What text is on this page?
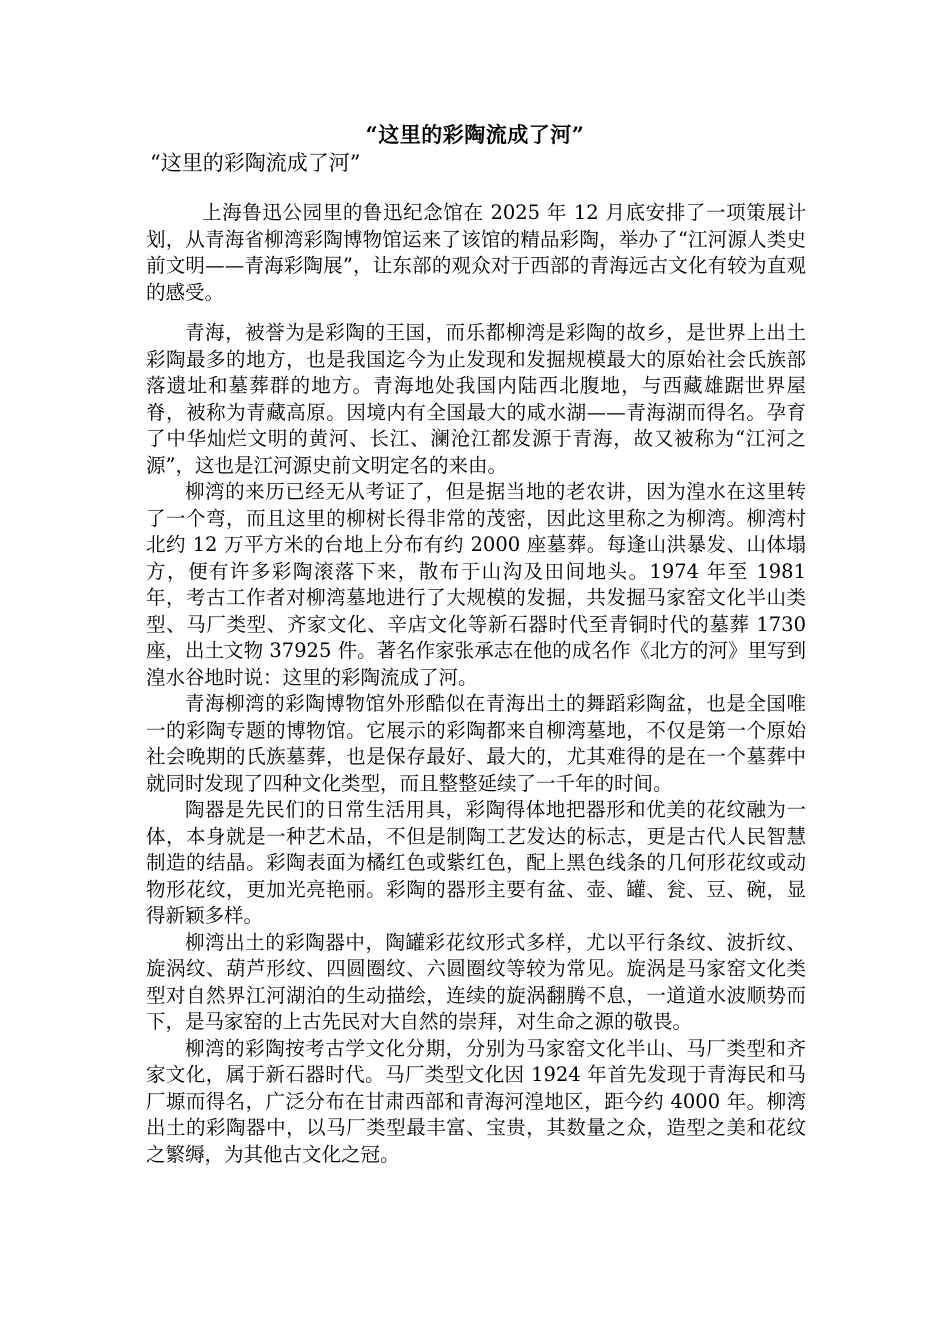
“这里的彩陶流成了河”
“这里的彩陶流成了河”

上海鲁迅公园里的鲁迅纪念馆在 2025 年 12 月底安排了一项策展计划，从青海省柳湾彩陶博物馆运来了该馆的精品彩陶，举办了“江河源人类史前文明——青海彩陶展”，让东部的观众对于西部的青海远古文化有较为直观的感受。

青海，被誉为是彩陶的王国，而乐都柳湾是彩陶的故乡，是世界上出土彩陶最多的地方，也是我国迄今为止发现和发掘规模最大的原始社会氏族部落遗址和墓葬群的地方。青海地处我国内陆西北腹地，与西藏雄踞世界屋脊，被称为青藏高原。因境内有全国最大的咸水湖——青海湖而得名。孕育了中华灿烂文明的黄河、长江、澜沧江都发源于青海，故又被称为“江河之源”，这也是江河源史前文明定名的来由。

柳湾的来历已经无从考证了，但是据当地的老农讲，因为湟水在这里转了一个弯，而且这里的柳树长得非常的茂密，因此这里称之为柳湾。柳湾村北约 12 万平方米的台地上分布有约 2000 座墓葬。每逢山洪暴发、山体塌方，便有许多彩陶滚落下来，散布于山沟及田间地头。1974 年至 1981 年，考古工作者对柳湾墓地进行了大规模的发掘，共发掘马家窑文化半山类型、马厂类型、齐家文化、辛店文化等新石器时代至青铜时代的墓葬 1730 座，出土文物 37925 件。著名作家张承志在他的成名作《北方的河》里写到湟水谷地时说：这里的彩陶流成了河。

青海柳湾的彩陶博物馆外形酷似在青海出土的舞蹈彩陶盆，也是全国唯一的彩陶专题的博物馆。它展示的彩陶都来自柳湾墓地，不仅是第一个原始社会晚期的氏族墓葬，也是保存最好、最大的，尤其难得的是在一个墓葬中就同时发现了四种文化类型，而且整整延续了一千年的时间。

陶器是先民们的日常生活用具，彩陶得体地把器形和优美的花纹融为一体，本身就是一种艺术品，不但是制陶工艺发达的标志，更是古代人民智慧制造的结晶。彩陶表面为橘红色或紫红色，配上黑色线条的几何形花纹或动物形花纹，更加光亮艳丽。彩陶的器形主要有盆、壶、罐、瓮、豆、碗，显得新颖多样。

柳湾出土的彩陶器中，陶罐彩花纹形式多样，尤以平行条纹、波折纹、旋涡纹、葫芦形纹、四圆圈纹、六圆圈纹等较为常见。旋涡是马家窑文化类型对自然界江河湖泊的生动描绘，连续的旋涡翻腾不息，一道道水波顺势而下，是马家窑的上古先民对大自然的崇拜，对生命之源的敬畏。

柳湾的彩陶按考古学文化分期，分别为马家窑文化半山、马厂类型和齐家文化，属于新石器时代。马厂类型文化因 1924 年首先发现于青海民和马厂塬而得名，广泛分布在甘肃西部和青海河湟地区，距今约 4000 年。柳湾出土的彩陶器中，以马厂类型最丰富、宝贵，其数量之众，造型之美和花纹之繁缛，为其他古文化之冠。
